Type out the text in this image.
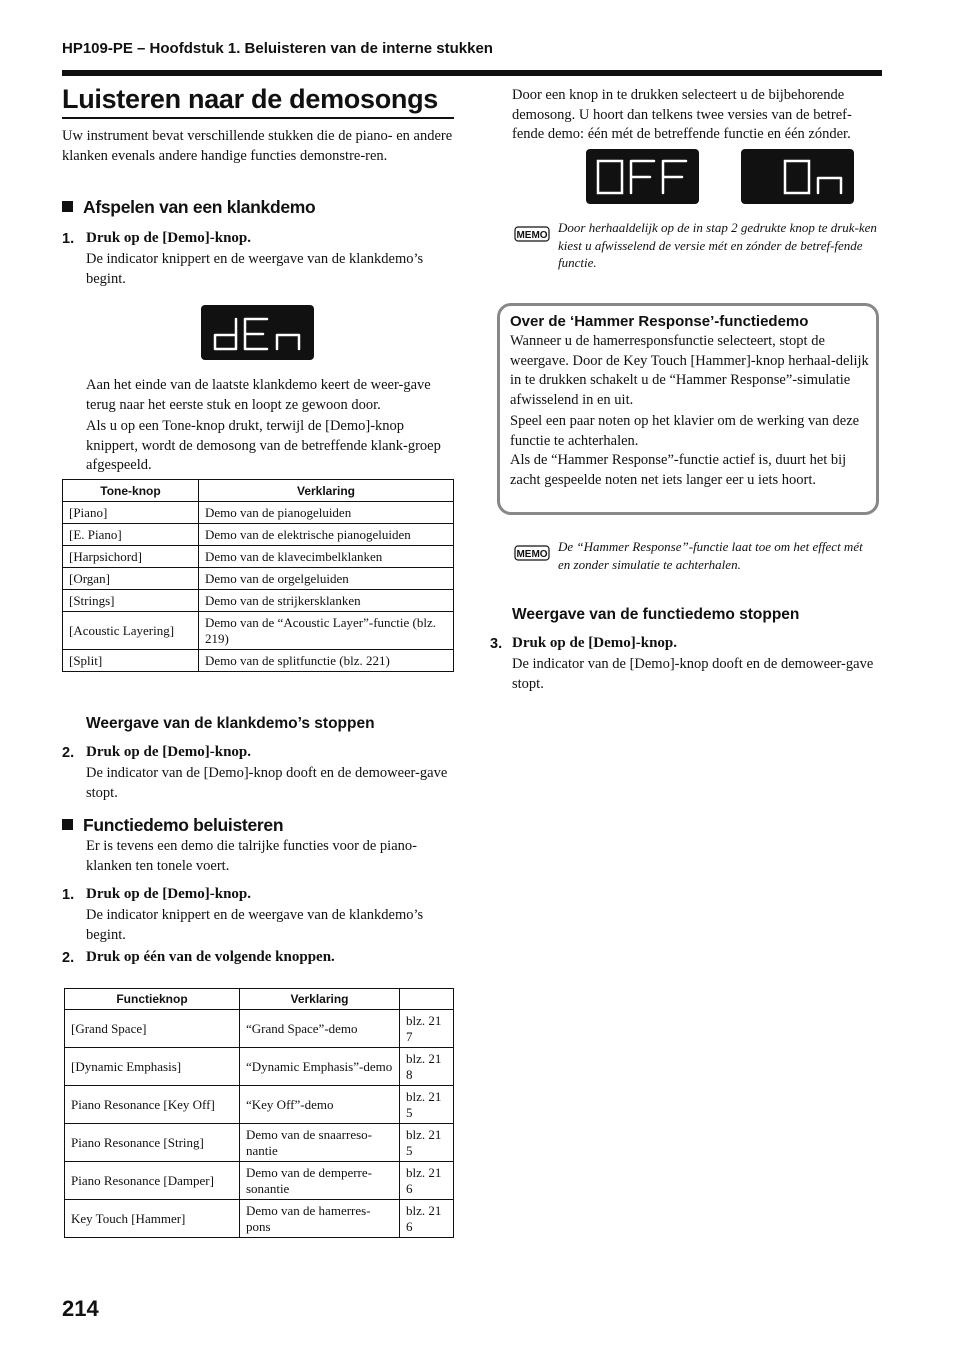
HP109-PE – Hoofdstuk 1. Beluisteren van de interne stukken
Luisteren naar de demosongs
Uw instrument bevat verschillende stukken die de piano- en andere klanken evenals andere handige functies demonstre-ren.
Afspelen van een klankdemo
1. Druk op de [Demo]-knop.
De indicator knippert en de weergave van de klankdemo’s begint.
Aan het einde van de laatste klankdemo keert de weer-gave terug naar het eerste stuk en loopt ze gewoon door.
Als u op een Tone-knop drukt, terwijl de [Demo]-knop knippert, wordt de demosong van de betreffende klank-groep afgespeeld.
Tone-knop	Verklaring
[Piano]	Demo van de pianogeluiden
[E. Piano]	Demo van de elektrische pianogeluiden
[Harpsichord]	Demo van de klavecimbelklanken
[Organ]	Demo van de orgelgeluiden
[Strings]	Demo van de strijkersklanken
[Acoustic Layering]	Demo van de “Acoustic Layer”-functie (blz. 219)
[Split]	Demo van de splitfunctie (blz. 221)
Weergave van de klankdemo’s stoppen
2. Druk op de [Demo]-knop.
De indicator van de [Demo]-knop dooft en de demoweer-gave stopt.
Functiedemo beluisteren
Er is tevens een demo die talrijke functies voor de piano-klanken ten tonele voert.
1. Druk op de [Demo]-knop.
De indicator knippert en de weergave van de klankdemo’s begint.
2. Druk op één van de volgende knoppen.
Functieknop	Verklaring	
[Grand Space]	“Grand Space”-demo	blz. 21 7
[Dynamic Emphasis]	“Dynamic Emphasis”-demo	blz. 21 8
Piano Resonance [Key Off]	“Key Off”-demo	blz. 21 5
Piano Resonance [String]	Demo van de snaarreso-nantie	blz. 21 5
Piano Resonance [Damper]	Demo van de demperre-sonantie	blz. 21 6
Key Touch [Hammer]	Demo van de hamerres-pons	blz. 21 6
214
Door een knop in te drukken selecteert u de bijbehorende demosong. U hoort dan telkens twee versies van de betref-fende demo: één mét de betreffende functie en één zónder.
MEMO
Door herhaaldelijk op de in stap 2 gedrukte knop te druk-ken kiest u afwisselend de versie mét en zónder de betref-fende functie.
Over de ‘Hammer Response’-functiedemo
Wanneer u de hamerresponsfunctie selecteert, stopt de weergave. Door de Key Touch [Hammer]-knop herhaal-delijk in te drukken schakelt u de “Hammer Response”-simulatie afwisselend in en uit.
Speel een paar noten op het klavier om de werking van deze functie te achterhalen.
Als de “Hammer Response”-functie actief is, duurt het bij zacht gespeelde noten net iets langer eer u iets hoort.
MEMO
De “Hammer Response”-functie laat toe om het effect mét en zonder simulatie te achterhalen.
Weergave van de functiedemo stoppen
3. Druk op de [Demo]-knop.
De indicator van de [Demo]-knop dooft en de demoweer-gave stopt.
